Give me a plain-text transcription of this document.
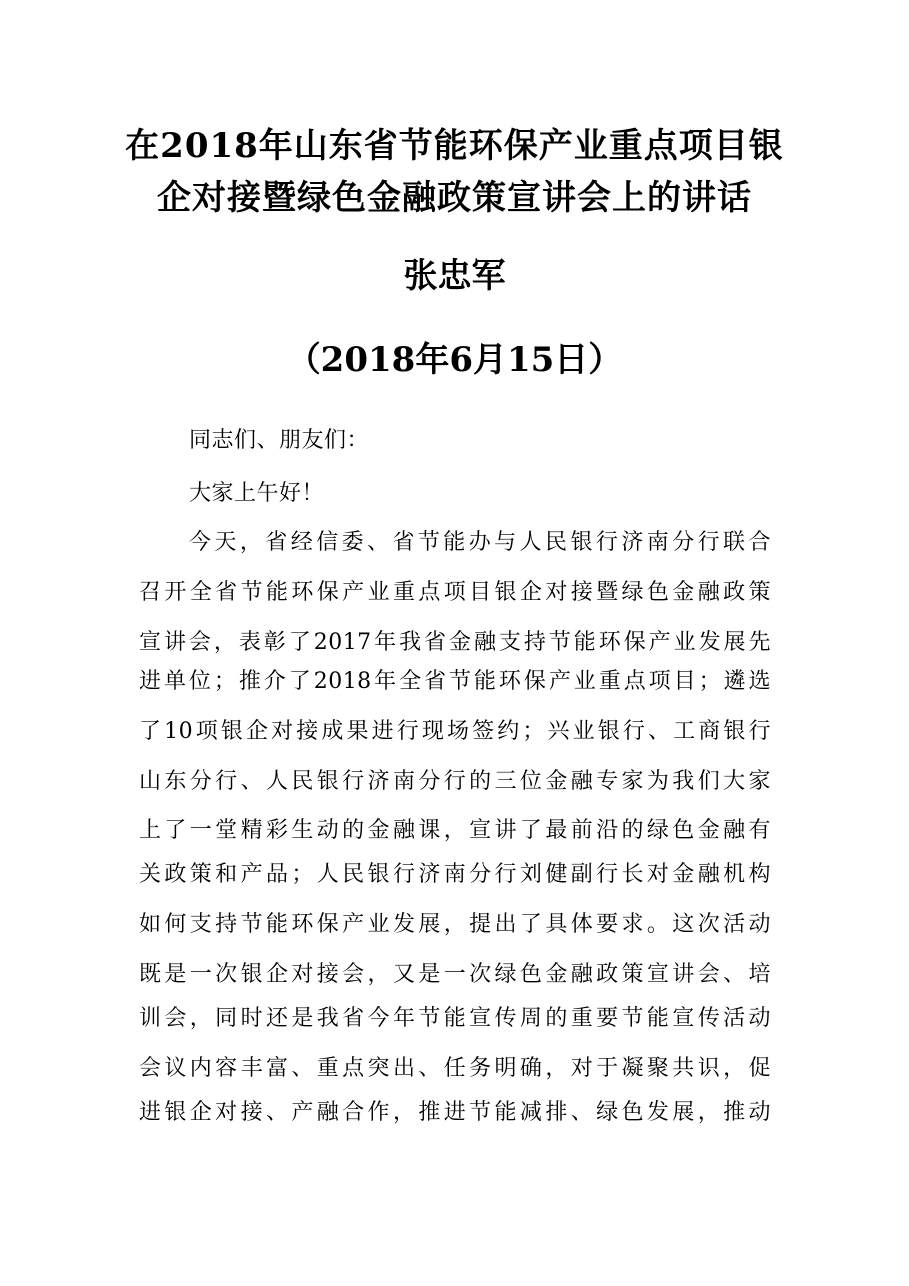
在2018年山东省节能环保产业重点项目银
企对接暨绿色金融政策宣讲会上的讲话
张忠军
（2018年6月15日）
同志们、朋友们：
大家上午好！
今天，省经信委、省节能办与人民银行济南分行联合
召开全省节能环保产业重点项目银企对接暨绿色金融政策
宣讲会，表彰了2017年我省金融支持节能环保产业发展先
进单位；推介了2018年全省节能环保产业重点项目；遴选
了10项银企对接成果进行现场签约；兴业银行、工商银行
山东分行、人民银行济南分行的三位金融专家为我们大家
上了一堂精彩生动的金融课，宣讲了最前沿的绿色金融有
关政策和产品；人民银行济南分行刘健副行长对金融机构
如何支持节能环保产业发展，提出了具体要求。这次活动
既是一次银企对接会，又是一次绿色金融政策宣讲会、培
训会，同时还是我省今年节能宣传周的重要节能宣传活动
会议内容丰富、重点突出、任务明确，对于凝聚共识，促
进银企对接、产融合作，推进节能减排、绿色发展，推动
